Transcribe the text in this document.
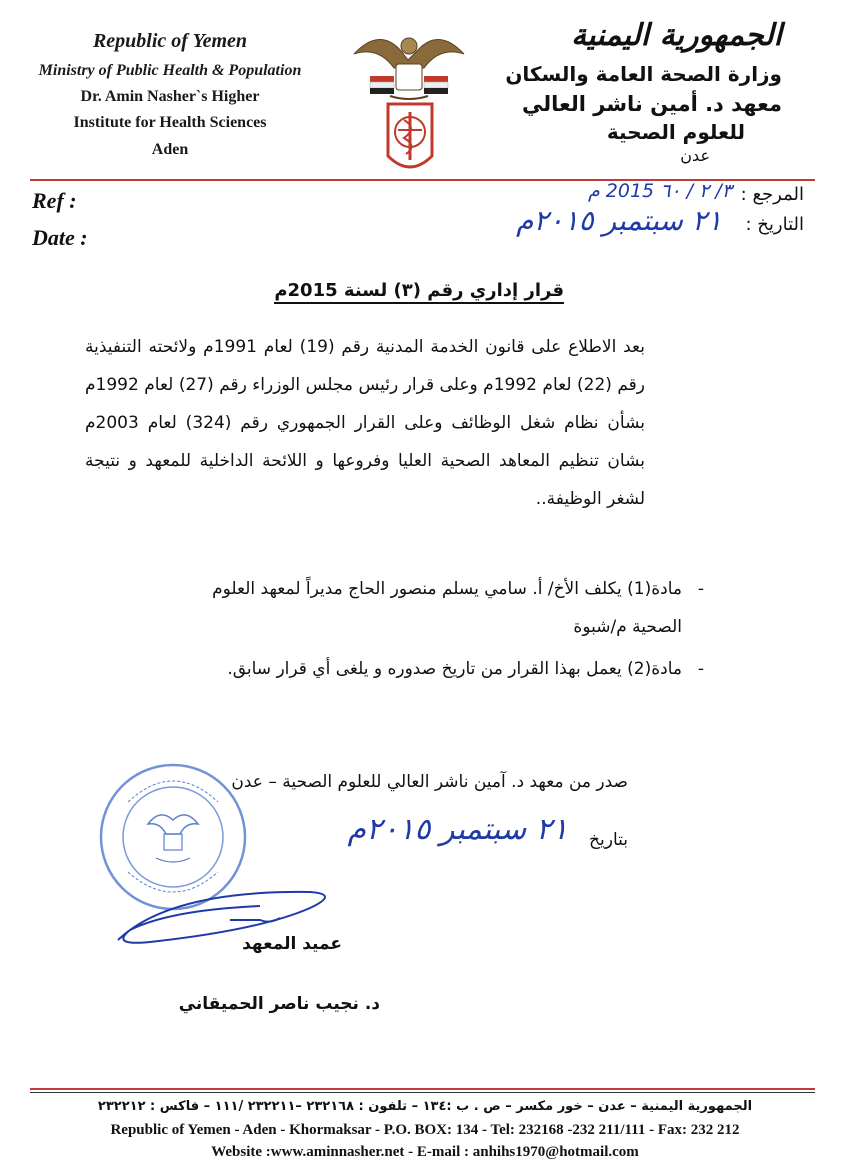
Republic of Yemen
Ministry of Public Health & Population
Dr. Amin Nasher`s Higher
Institute for Health Sciences
Aden
الجمهورية اليمنية
وزارة الصحة العامة والسكان
معهد د. أمين ناشر العالي
للعلوم الصحية
عدن
Ref :
Date :
المرجع :
التاريخ :
٣/ ٢ / ٦٠ 2015 م
٢١ سبتمبر ٢٠١٥م
قرار إداري رقم (٣) لسنة 2015م
بعد الاطلاع على قانون الخدمة المدنية رقم (19) لعام 1991م ولائحته التنفيذية رقم (22) لعام 1992م وعلى قرار رئيس مجلس الوزراء رقم (27) لعام 1992م بشأن نظام شغل الوظائف وعلى القرار الجمهوري رقم (324) لعام 2003م بشان تنظيم المعاهد الصحية العليا وفروعها و اللائحة الداخلية للمعهد و نتيجة لشغر الوظيفة..
-
مادة(1) يكلف الأخ/ أ. سامي يسلم منصور الحاج مديراً لمعهد العلوم الصحية م/شبوة
-
مادة(2) يعمل بهذا القرار من تاريخ صدوره و يلغى أي قرار سابق.
صدر من معهد د. آمين ناشر العالي للعلوم الصحية – عدن
بتاريخ
٢١ سبتمبر ٢٠١٥م
عميد المعهد
د. نجيب ناصر الحميقاني
الجمهورية اليمنية – عدن – خور مكسر – ص . ب :١٣٤ – تلفون : ٢٣٢١٦٨ –٢٣٢٢١١ /١١١ – فاكس : ٢٣٢٢١٢
Republic of Yemen - Aden - Khormaksar - P.O. BOX: 134 - Tel: 232168 -232 211/111 - Fax: 232 212
Website :www.aminnasher.net - E-mail : anhihs1970@hotmail.com
